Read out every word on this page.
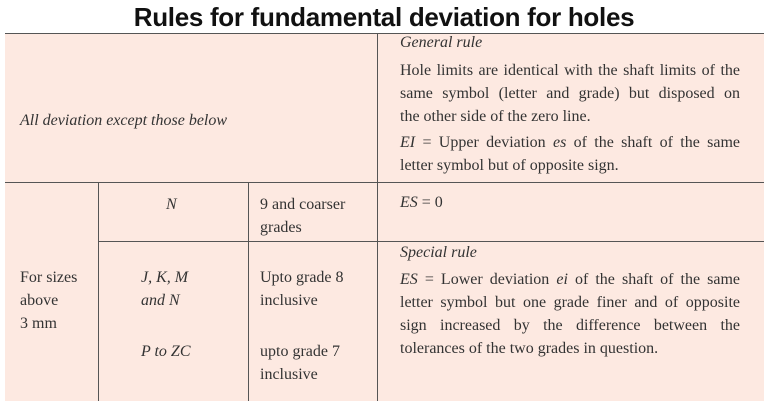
Rules for fundamental deviation for holes
All deviation except those below
General rule
Hole limits are identical with the shaft limits of the
same symbol (letter and grade) but disposed on
the other side of the zero line.
EI = Upper deviation es of the shaft of the same
letter symbol but of opposite sign.
For sizes
above
3 mm
N	9 and coarser
grades
ES = 0
Special rule
J, K, M
and N
Upto grade 8
inclusive
ES = Lower deviation ei of the shaft of the same
letter symbol but one grade finer and of opposite
sign increased by the difference between the
tolerances of the two grades in question.
P to ZC	upto grade 7
inclusive
